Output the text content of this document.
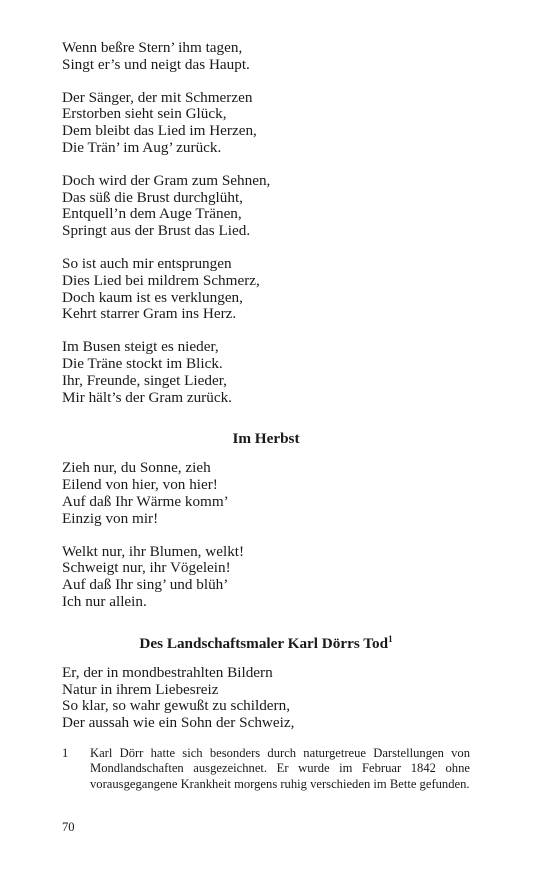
Wenn beßre Stern’ ihm tagen,
Singt er’s und neigt das Haupt.
Der Sänger, der mit Schmerzen
Erstorben sieht sein Glück,
Dem bleibt das Lied im Herzen,
Die Trän’ im Aug’ zurück.
Doch wird der Gram zum Sehnen,
Das süß die Brust durchglüht,
Entquell’n dem Auge Tränen,
Springt aus der Brust das Lied.
So ist auch mir entsprungen
Dies Lied bei mildrem Schmerz,
Doch kaum ist es verklungen,
Kehrt starrer Gram ins Herz.
Im Busen steigt es nieder,
Die Träne stockt im Blick.
Ihr, Freunde, singet Lieder,
Mir hält’s der Gram zurück.
Im Herbst
Zieh nur, du Sonne, zieh
Eilend von hier, von hier!
Auf daß Ihr Wärme komm’
Einzig von mir!
Welkt nur, ihr Blumen, welkt!
Schweigt nur, ihr Vögelein!
Auf daß Ihr sing’ und blüh’
Ich nur allein.
Des Landschaftsmaler Karl Dörrs Tod$^1$
Er, der in mondbestrahlten Bildern
Natur in ihrem Liebesreiz
So klar, so wahr gewußt zu schildern,
Der aussah wie ein Sohn der Schweiz,
1	Karl Dörr hatte sich besonders durch naturgetreue Darstellungen von Mondlandschaften ausgezeichnet. Er wurde im Februar 1842 ohne vorausgegangene Krankheit morgens ruhig verschieden im Bette gefunden.
70
